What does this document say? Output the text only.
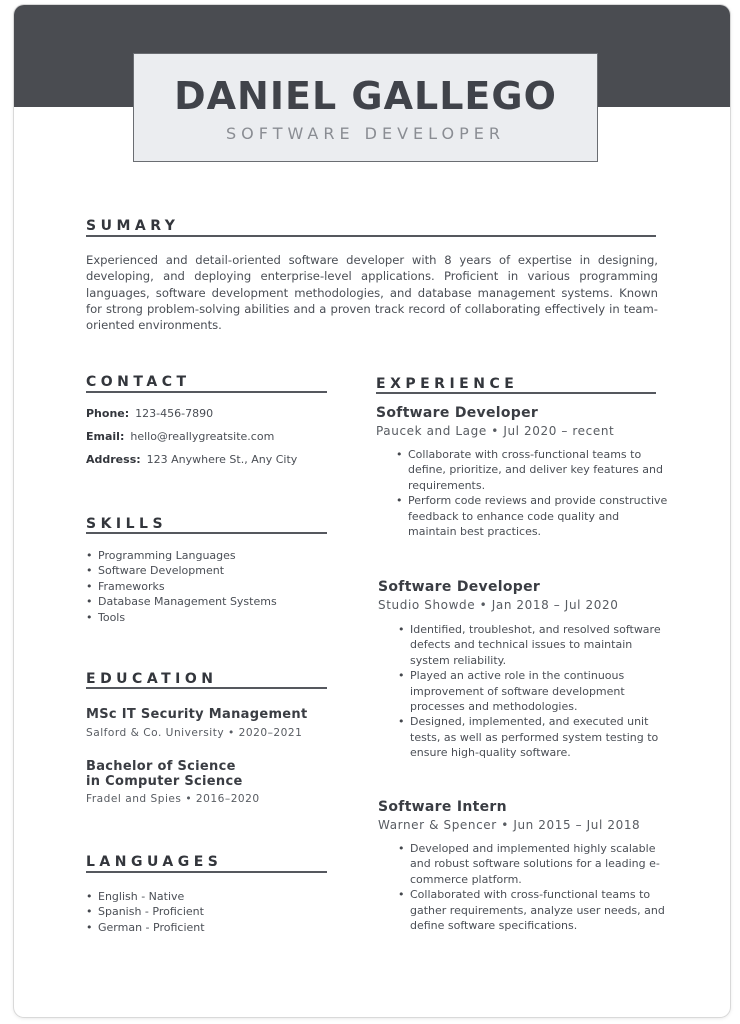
DANIEL GALLEGO
SOFTWARE DEVELOPER
SUMARY
Experienced and detail-oriented software developer with 8 years of expertise in designing, developing, and deploying enterprise-level applications. Proficient in various programming languages, software development methodologies, and database management systems. Known for strong problem-solving abilities and a proven track record of collaborating effectively in team-oriented environments.
CONTACT
Phone: 123-456-7890
Email: hello@reallygreatsite.com
Address: 123 Anywhere St., Any City
SKILLS
• Programming Languages
• Software Development
• Frameworks
• Database Management Systems
• Tools
EDUCATION
MSc IT Security Management
Salford & Co. University • 2020–2021
Bachelor of Science
in Computer Science
Fradel and Spies • 2016–2020
LANGUAGES
• English - Native
• Spanish - Proficient
• German - Proficient
EXPERIENCE
Software Developer
Paucek and Lage • Jul 2020 – recent
• Collaborate with cross-functional teams to define, prioritize, and deliver key features and requirements.
• Perform code reviews and provide constructive feedback to enhance code quality and maintain best practices.
Software Developer
Studio Showde • Jan 2018 – Jul 2020
• Identified, troubleshot, and resolved software defects and technical issues to maintain system reliability.
• Played an active role in the continuous improvement of software development processes and methodologies.
• Designed, implemented, and executed unit tests, as well as performed system testing to ensure high-quality software.
Software Intern
Warner & Spencer • Jun 2015 – Jul 2018
• Developed and implemented highly scalable and robust software solutions for a leading e-commerce platform.
• Collaborated with cross-functional teams to gather requirements, analyze user needs, and define software specifications.
